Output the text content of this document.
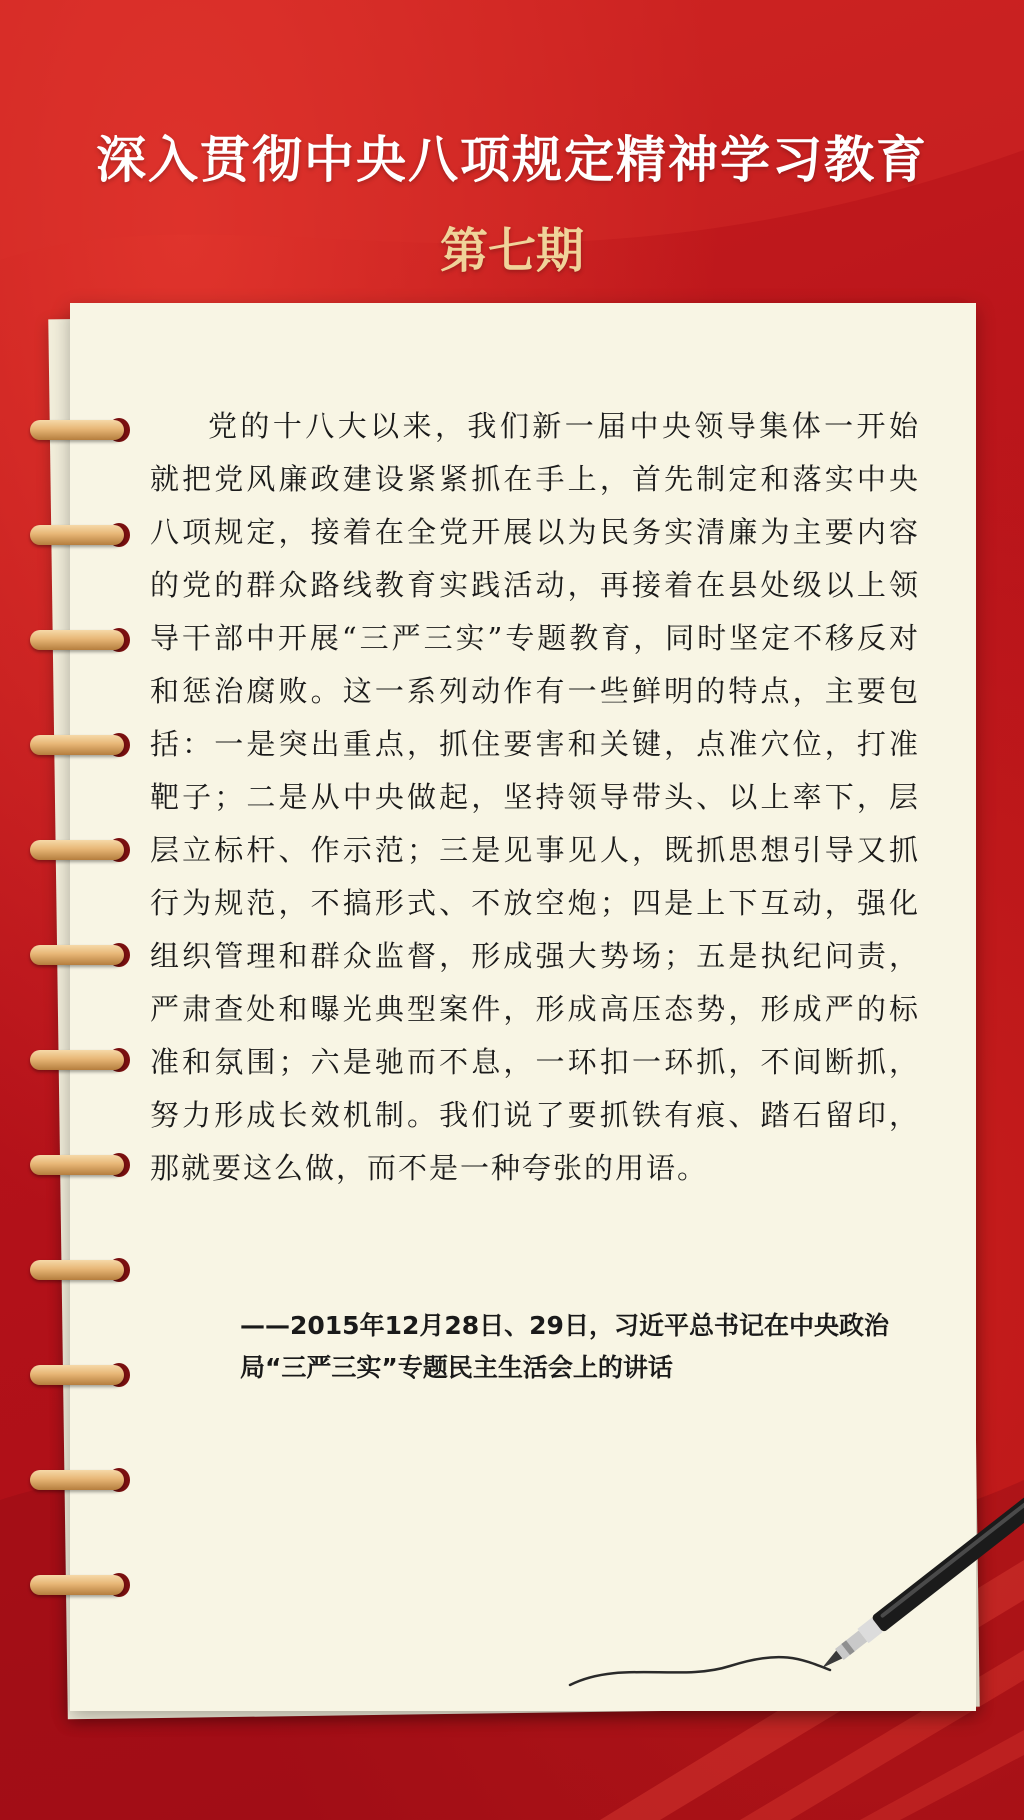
深入贯彻中央八项规定精神学习教育
第七期

党的十八大以来，我们新一届中央领导集体一开始就把党风廉政建设紧紧抓在手上，首先制定和落实中央八项规定，接着在全党开展以为民务实清廉为主要内容的党的群众路线教育实践活动，再接着在县处级以上领导干部中开展“三严三实”专题教育，同时坚定不移反对和惩治腐败。这一系列动作有一些鲜明的特点，主要包括：一是突出重点，抓住要害和关键，点准穴位，打准靶子；二是从中央做起，坚持领导带头、以上率下，层层立标杆、作示范；三是见事见人，既抓思想引导又抓行为规范，不搞形式、不放空炮；四是上下互动，强化组织管理和群众监督，形成强大势场；五是执纪问责，严肃查处和曝光典型案件，形成高压态势，形成严的标准和氛围；六是驰而不息，一环扣一环抓，不间断抓，努力形成长效机制。我们说了要抓铁有痕、踏石留印，那就要这么做，而不是一种夸张的用语。

——2015年12月28日、29日，习近平总书记在中央政治局“三严三实”专题民主生活会上的讲话
